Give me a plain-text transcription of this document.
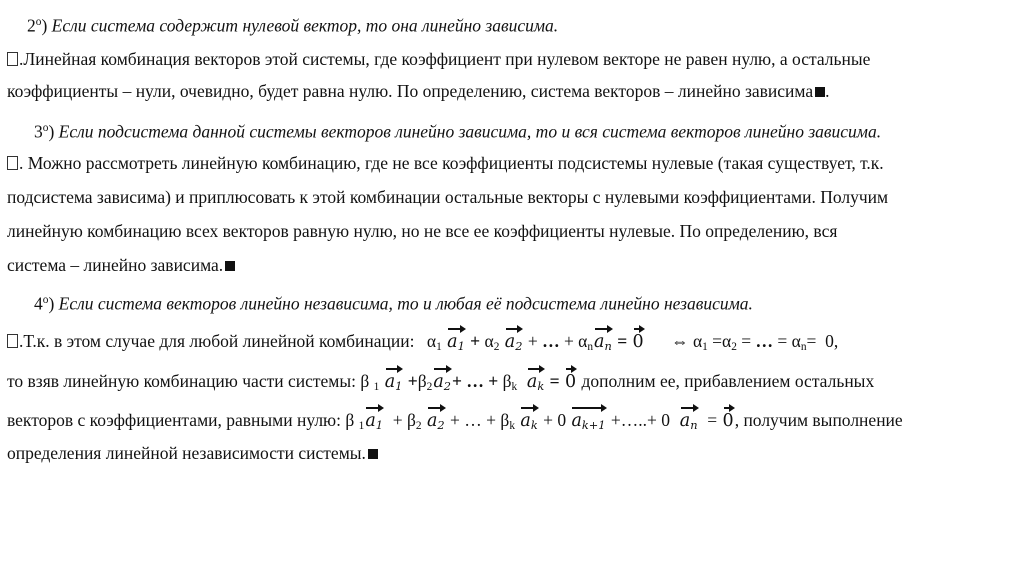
2$^o$) Если система содержит нулевой вектор, то она линейно зависима.
.Линейная комбинация векторов этой системы, где коэффициент при нулевом векторе не равен нулю, а остальные
коэффициенты – нули, очевидно, будет равна нулю. По определению, система векторов – линейно зависима .
3$^o$) Если подсистема данной системы векторов линейно зависима, то и вся система векторов линейно зависима.
. Можно рассмотреть линейную комбинацию, где не все коэффициенты подсистемы нулевые (такая существует, т.к.
подсистема зависима) и приплюсовать к этой комбинации остальные векторы с нулевыми коэффициентами. Получим
линейную комбинацию всех векторов равную нулю, но не все ее коэффициенты нулевые. По определению, вся
система – линейно зависима.
4$^o$) Если система векторов линейно независима, то и любая её подсистема линейно независима.
.Т.к. в этом случае для любой линейной комбинации: $\alpha_1$ $a_1 + \alpha_2$ $a_2$ + … + $\alpha_na_n = 0$ ⇔ $\alpha_1 =\alpha_2$ = … = $\alpha_n= 0$,
то взяв линейную комбинацию части системы: β $_1$ $a_1 +\beta_2a_2+$ … + $\beta_k$ $a_k = 0$ дополним ее, прибавлением остальных
векторов с коэффициентами, равными нулю: β $_1a_1 + \beta_2$ $a_2$ + … + $\beta_k$ $a_k + 0$ $a_{k+1}$ +…..+ 0  $a_n = 0$, получим выполнение
определения линейной независимости системы.
